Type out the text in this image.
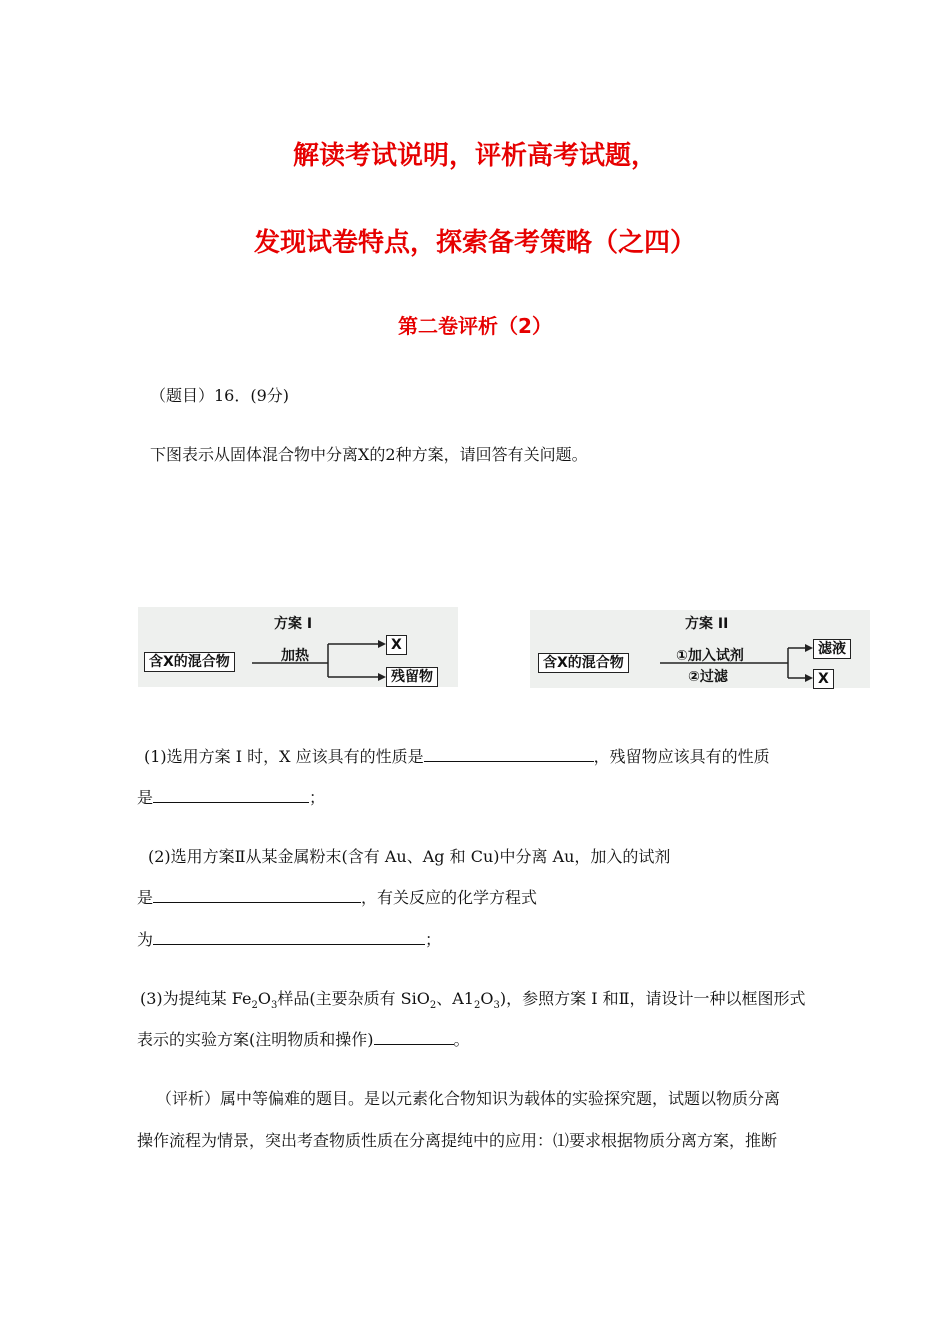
解读考试说明，评析高考试题，
发现试卷特点，探索备考策略（之四）
第二卷评析（2）
（题目）16．(9分)
下图表示从固体混合物中分离X的2种方案，请回答有关问题。
方案 I
含X的混合物	加热
X
残留物
方案 II
含X的混合物	①加入试剂
②过滤
滤液
X
(1)选用方案 I 时，X 应该具有的性质是	，残留物应该具有的性质
是	；
(2)选用方案Ⅱ从某金属粉末(含有 Au、Ag 和 Cu)中分离 Au，加入的试剂
是	，有关反应的化学方程式
为	；
(3)为提纯某 $Fe_2O_3$样品(主要杂质有 SiO$_2$、$A1_2O_3$)，参照方案 I 和Ⅱ，请设计一种以框图形式
表示的实验方案(注明物质和操作)	。
（评析）属中等偏难的题目。是以元素化合物知识为载体的实验探究题，试题以物质分离
操作流程为情景，突出考查物质性质在分离提纯中的应用：⑴要求根据物质分离方案，推断
